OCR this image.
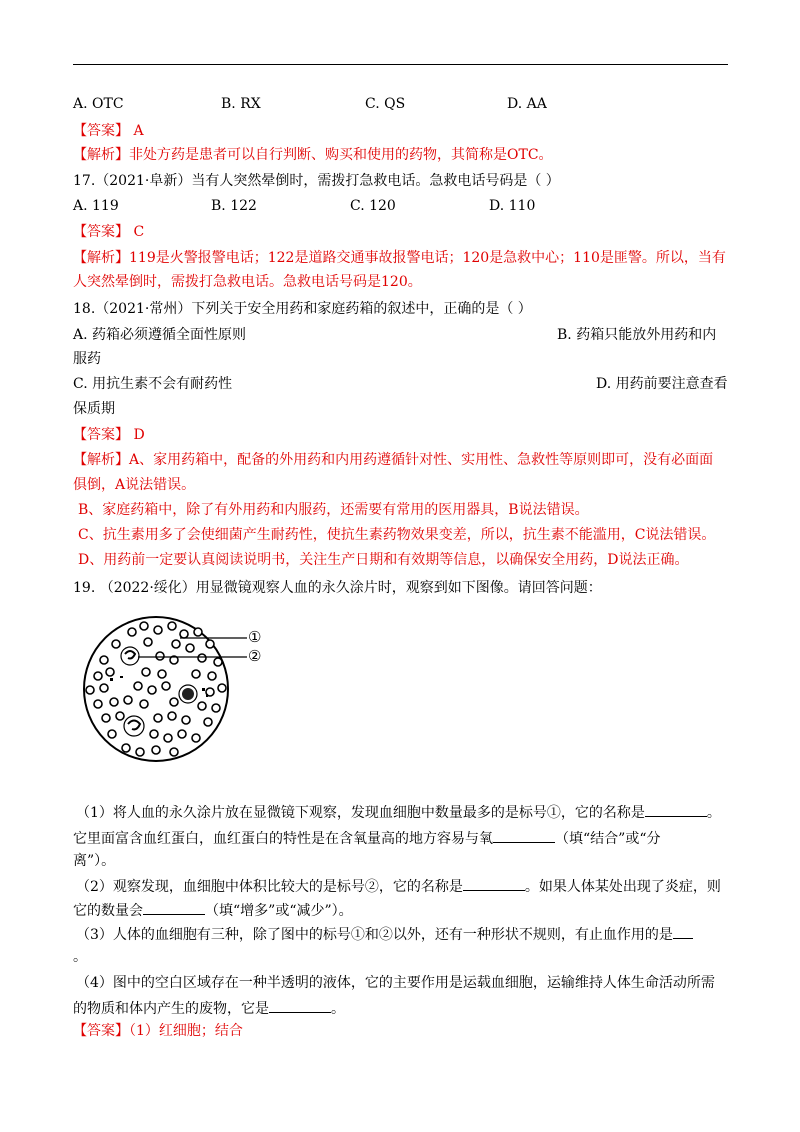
A. OTC	B. RX	C. QS	D. AA
【答案】 A
【解析】非处方药是患者可以自行判断、购买和使用的药物，其简称是OTC。
17.（2021·阜新）当有人突然晕倒时，需拨打急救电话。急救电话号码是（ ）
A. 119	B. 122	C. 120	D. 110
【答案】 C
【解析】119是火警报警电话；122是道路交通事故报警电话；120是急救中心；110是匪警。所以，当有
人突然晕倒时，需拨打急救电话。急救电话号码是120。
18.（2021·常州）下列关于安全用药和家庭药箱的叙述中，正确的是（ ）
A. 药箱必须遵循全面性原则	B. 药箱只能放外用药和内
服药
C. 用抗生素不会有耐药性	D. 用药前要注意查看
保质期
【答案】 D
【解析】A、家用药箱中，配备的外用药和内用药遵循针对性、实用性、急救性等原则即可，没有必面面
俱倒，A说法错误。
B、家庭药箱中，除了有外用药和内服药，还需要有常用的医用器具，B说法错误。
C、抗生素用多了会使细菌产生耐药性，使抗生素药物效果变差，所以，抗生素不能滥用，C说法错误。
D、用药前一定要认真阅读说明书，关注生产日期和有效期等信息，以确保安全用药，D说法正确。
19. （2022·绥化）用显微镜观察人血的永久涂片时，观察到如下图像。请回答问题：
①
②
（1）将人血的永久涂片放在显微镜下观察，发现血细胞中数量最多的是标号①，它的名称是	。
它里面富含血红蛋白，血红蛋白的特性是在含氧量高的地方容易与氧	（填“结合”或“分
离”）。
（2）观察发现，血细胞中体积比较大的是标号②，它的名称是	。如果人体某处出现了炎症，则
它的数量会	（填“增多”或“减少”）。
（3）人体的血细胞有三种，除了图中的标号①和②以外，还有一种形状不规则，有止血作用的是
。
（4）图中的空白区域存在一种半透明的液体，它的主要作用是运载血细胞，运输维持人体生命活动所需
的物质和体内产生的废物，它是	。
【答案】（1）红细胞；结合
